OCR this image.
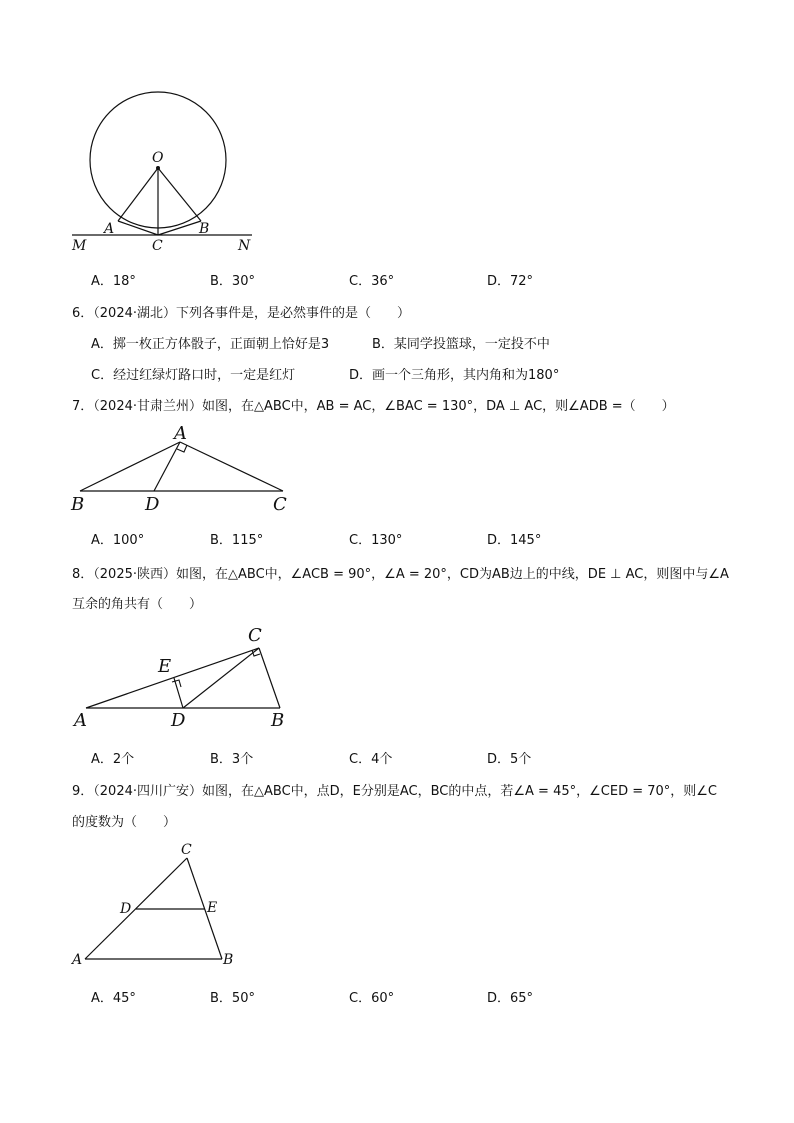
O
A	B
C
M	N
A．18°	B．30°	C．36°	D．72°
6．（2024·湖北）下列各事件是，是必然事件的是（　　）
A．掷一枚正方体骰子，正面朝上恰好是3	B．某同学投篮球，一定投不中
C．经过红绿灯路口时，一定是红灯	D．画一个三角形，其内角和为180°
7．（2024·甘肃兰州）如图，在△ABC中，AB = AC，∠BAC = 130°，DA ⊥ AC，则∠ADB =（　　）
A
B	D	C
A．100°	B．115°	C．130°	D．145°
8．（2025·陕西）如图，在△ABC中，∠ACB = 90°，∠A = 20°，CD为AB边上的中线，DE ⊥ AC，则图中与∠A
互余的角共有（　　）
C
E
A	D	B
A．2个	B．3个	C．4个	D．5个
9．（2024·四川广安）如图，在△ABC中，点D，E分别是AC，BC的中点，若∠A = 45°，∠CED = 70°，则∠C
的度数为（　　）
C
D	E
A	B
A．45°	B．50°	C．60°	D．65°
